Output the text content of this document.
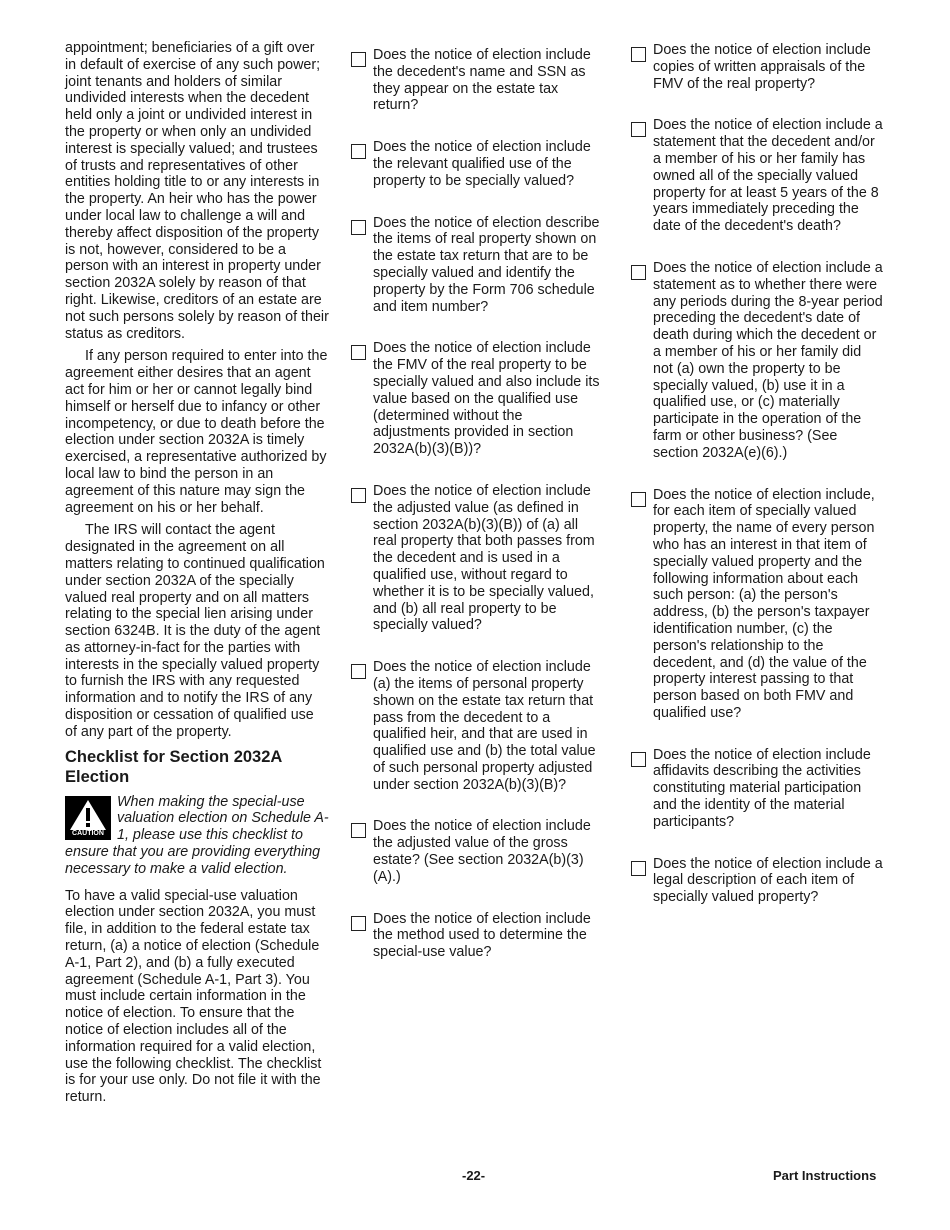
appointment; beneficiaries of a gift over in default of exercise of any such power; joint tenants and holders of similar undivided interests when the decedent held only a joint or undivided interest in the property or when only an undivided interest is specially valued; and trustees of trusts and representatives of other entities holding title to or any interests in the property. An heir who has the power under local law to challenge a will and thereby affect disposition of the property is not, however, considered to be a person with an interest in property under section 2032A solely by reason of that right. Likewise, creditors of an estate are not such persons solely by reason of their status as creditors.

If any person required to enter into the agreement either desires that an agent act for him or her or cannot legally bind himself or herself due to infancy or other incompetency, or due to death before the election under section 2032A is timely exercised, a representative authorized by local law to bind the person in an agreement of this nature may sign the agreement on his or her behalf.

The IRS will contact the agent designated in the agreement on all matters relating to continued qualification under section 2032A of the specially valued real property and on all matters relating to the special lien arising under section 6324B. It is the duty of the agent as attorney-in-fact for the parties with interests in the specially valued property to furnish the IRS with any requested information and to notify the IRS of any disposition or cessation of qualified use of any part of the property.

Checklist for Section 2032A Election
CAUTION
When making the special-use valuation election on Schedule A-1, please use this checklist to ensure that you are providing everything necessary to make a valid election.

To have a valid special-use valuation election under section 2032A, you must file, in addition to the federal estate tax return, (a) a notice of election (Schedule A-1, Part 2), and (b) a fully executed agreement (Schedule A-1, Part 3). You must include certain information in the notice of election. To ensure that the notice of election includes all of the information required for a valid election, use the following checklist. The checklist is for your use only. Do not file it with the return.

Does the notice of election include the decedent's name and SSN as they appear on the estate tax return?
Does the notice of election include the relevant qualified use of the property to be specially valued?
Does the notice of election describe the items of real property shown on the estate tax return that are to be specially valued and identify the property by the Form 706 schedule and item number?
Does the notice of election include the FMV of the real property to be specially valued and also include its value based on the qualified use (determined without the adjustments provided in section 2032A(b)(3)(B))?
Does the notice of election include the adjusted value (as defined in section 2032A(b)(3)(B)) of (a) all real property that both passes from the decedent and is used in a qualified use, without regard to whether it is to be specially valued, and (b) all real property to be specially valued?
Does the notice of election include (a) the items of personal property shown on the estate tax return that pass from the decedent to a qualified heir, and that are used in qualified use and (b) the total value of such personal property adjusted under section 2032A(b)(3)(B)?
Does the notice of election include the adjusted value of the gross estate? (See section 2032A(b)(3)(A).)
Does the notice of election include the method used to determine the special-use value?
Does the notice of election include copies of written appraisals of the FMV of the real property?
Does the notice of election include a statement that the decedent and/or a member of his or her family has owned all of the specially valued property for at least 5 years of the 8 years immediately preceding the date of the decedent's death?
Does the notice of election include a statement as to whether there were any periods during the 8-year period preceding the decedent's date of death during which the decedent or a member of his or her family did not (a) own the property to be specially valued, (b) use it in a qualified use, or (c) materially participate in the operation of the farm or other business? (See section 2032A(e)(6).)
Does the notice of election include, for each item of specially valued property, the name of every person who has an interest in that item of specially valued property and the following information about each such person: (a) the person's address, (b) the person's taxpayer identification number, (c) the person's relationship to the decedent, and (d) the value of the property interest passing to that person based on both FMV and qualified use?
Does the notice of election include affidavits describing the activities constituting material participation and the identity of the material participants?
Does the notice of election include a legal description of each item of specially valued property?
-22-	Part Instructions
